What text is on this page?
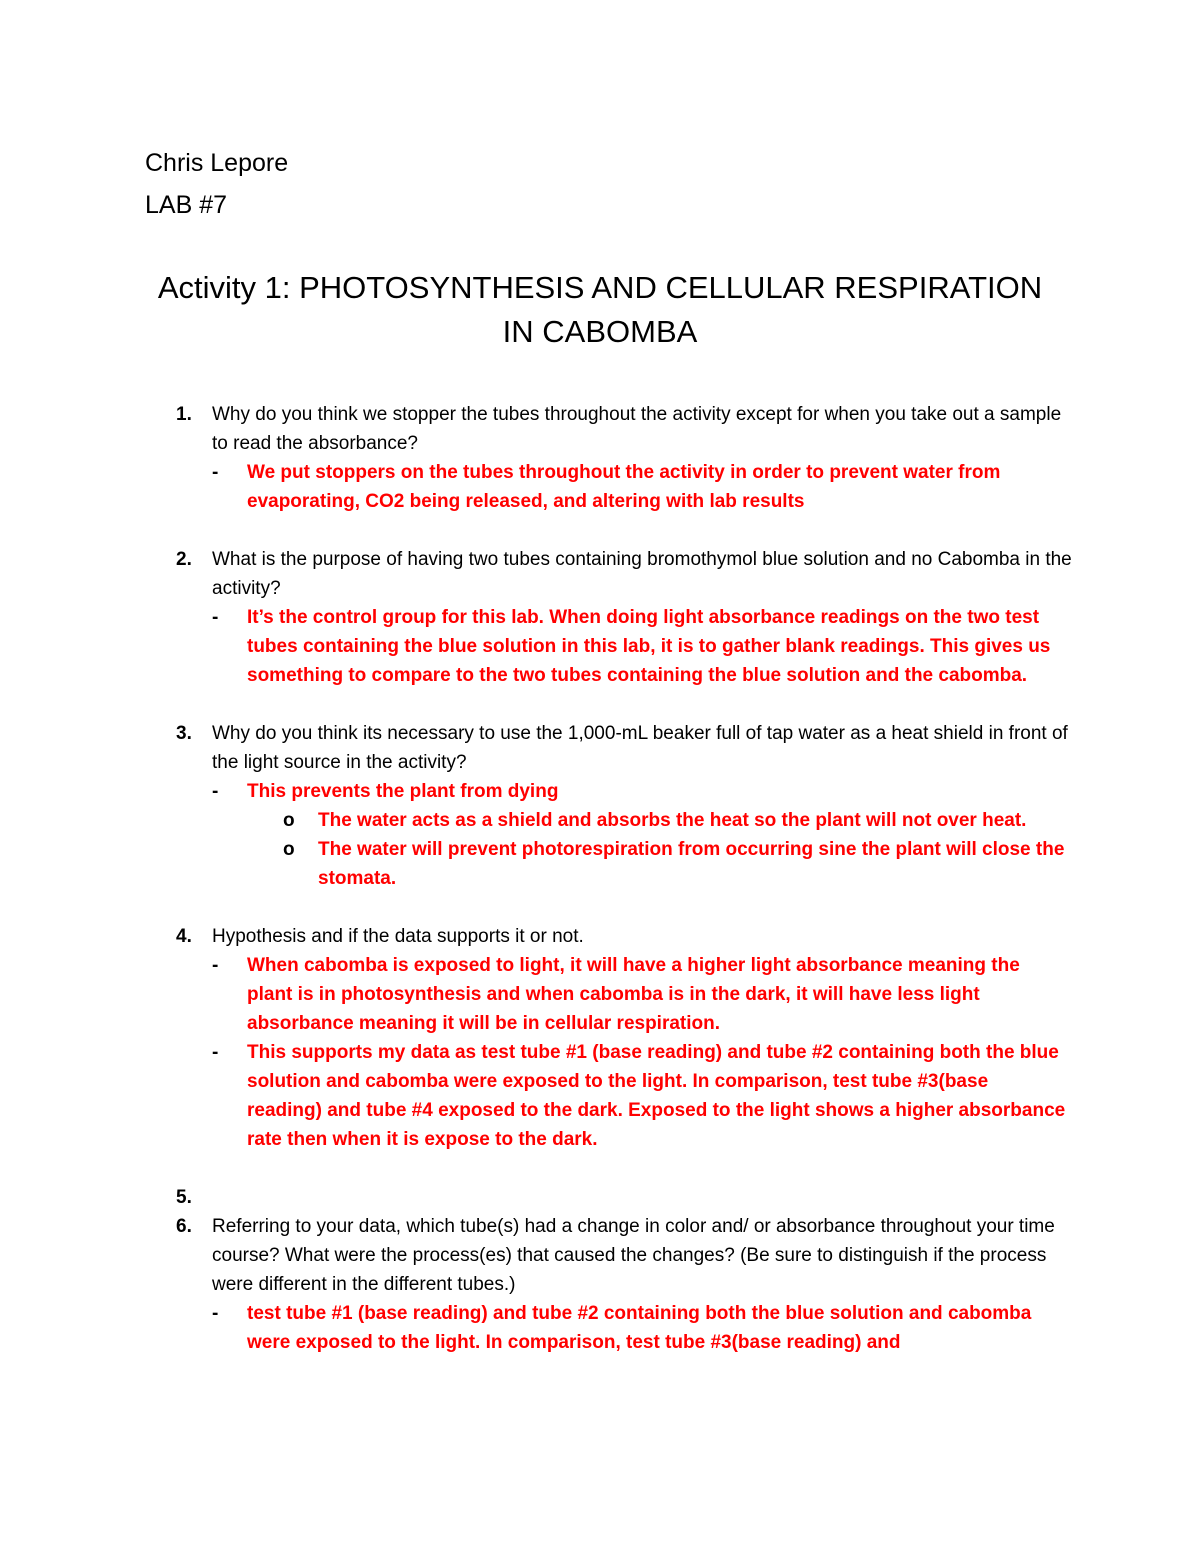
Chris Lepore

LAB #7

Activity 1: PHOTOSYNTHESIS AND CELLULAR RESPIRATION
IN CABOMBA
1. Why do you think we stopper the tubes throughout the activity except for when you take out a sample to read the absorbance?
- We put stoppers on the tubes throughout the activity in order to prevent water from evaporating, CO2 being released, and altering with lab results
2. What is the purpose of having two tubes containing bromothymol blue solution and no Cabomba in the activity?
- It’s the control group for this lab. When doing light absorbance readings on the two test tubes containing the blue solution in this lab, it is to gather blank readings. This gives us something to compare to the two tubes containing the blue solution and the cabomba.
3. Why do you think its necessary to use the 1,000-mL beaker full of tap water as a heat shield in front of the light source in the activity?
- This prevents the plant from dying
o The water acts as a shield and absorbs the heat so the plant will not over heat.
o The water will prevent photorespiration from occurring sine the plant will close the stomata.
4. Hypothesis and if the data supports it or not.
- When cabomba is exposed to light, it will have a higher light absorbance meaning the plant is in photosynthesis and when cabomba is in the dark, it will have less light absorbance meaning it will be in cellular respiration.
- This supports my data as test tube #1 (base reading) and tube #2 containing both the blue solution and cabomba were exposed to the light. In comparison, test tube #3(base reading) and tube #4 exposed to the dark. Exposed to the light shows a higher absorbance rate then when it is expose to the dark.
5.

6. Referring to your data, which tube(s) had a change in color and/ or absorbance throughout your time course? What were the process(es) that caused the changes? (Be sure to distinguish if the process were different in the different tubes.)
- test tube #1 (base reading) and tube #2 containing both the blue solution and cabomba were exposed to the light. In comparison, test tube #3(base reading) and
